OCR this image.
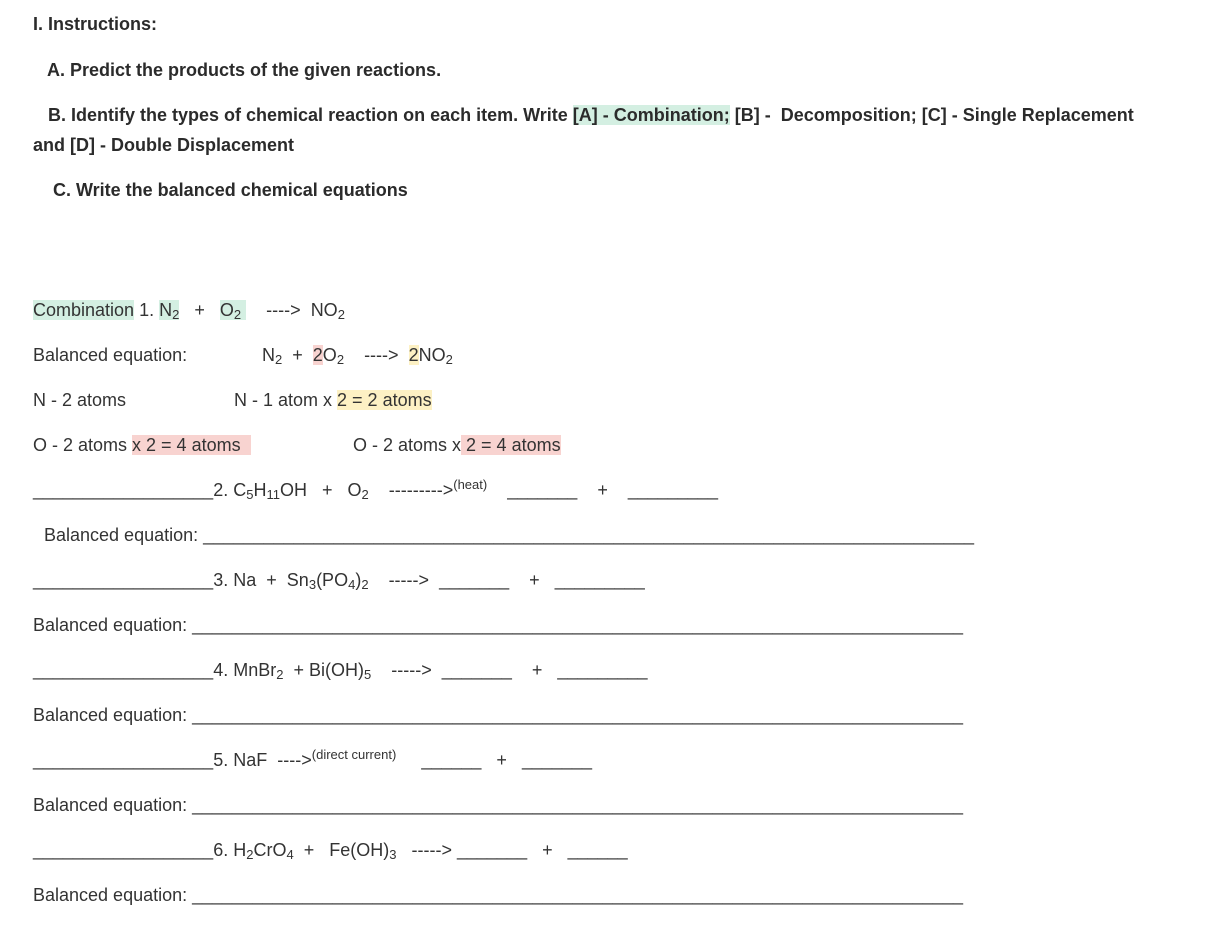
I. Instructions:
A. Predict the products of the given reactions.
B. Identify the types of chemical reaction on each item. Write [A] - Combination; [B] -  Decomposition; [C] - Single Replacement
and [D] - Double Displacement
C. Write the balanced chemical equations
Combination 1. $N_2 + O_2$ ----> $NO_2$
Balanced equation:	$N_2 + 2O_2$ ----> $2NO_2$
N - 2 atoms	N - 1 atom x 2 = 2 atoms
O - 2 atoms x 2 = 4 atoms	O - 2 atoms x 2 = 4 atoms
__________________2. $C_5H_{11}OH + O_2$ --------->$^{(heat)}$ _______ + _________
Balanced equation: _____________________________________________________________________________
__________________3. $Na + Sn_3(PO_4)_2$ -----> _______ + _________
Balanced equation: _____________________________________________________________________________
__________________4. MnBr$_2$ + $Bi(OH)_5$ -----> _______ + _________
Balanced equation: _____________________________________________________________________________
__________________5. NaF ---->$^{(direct current)}$ ______ + _______
Balanced equation: _____________________________________________________________________________
__________________6. $H_2CrO_4 + Fe(OH)_3$ -----> _______ + ______
Balanced equation: _____________________________________________________________________________
